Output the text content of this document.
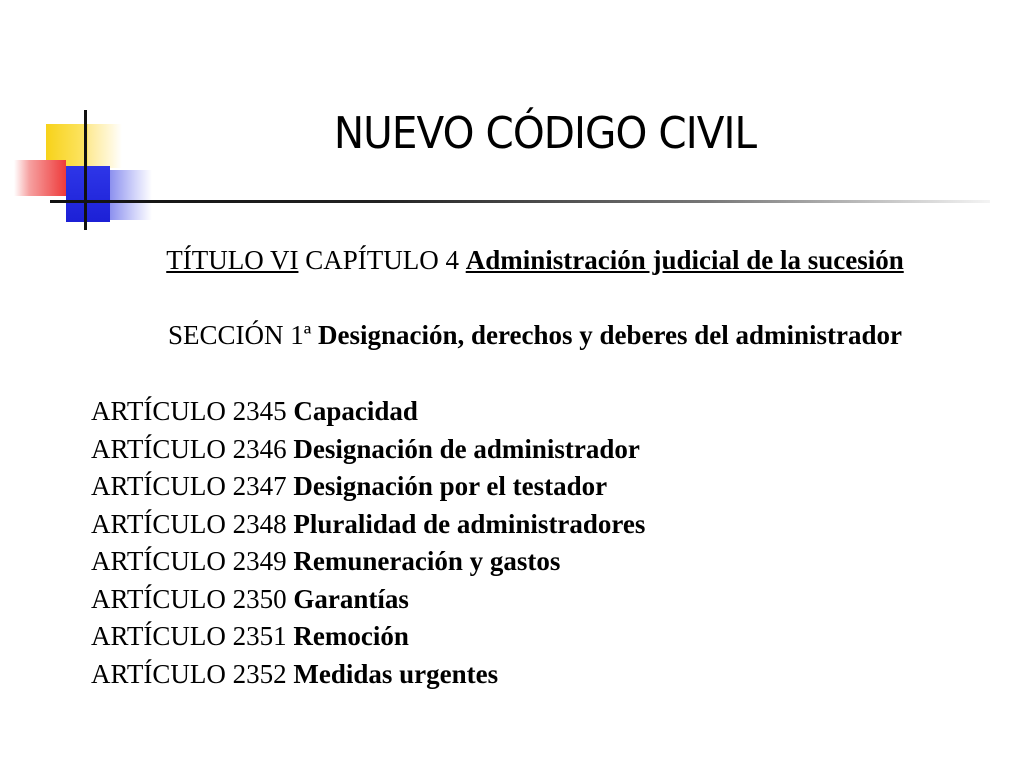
NUEVO CÓDIGO CIVIL
TÍTULO VI CAPÍTULO 4 Administración judicial de la sucesión
SECCIÓN 1ª Designación, derechos y deberes del administrador
ARTÍCULO 2345 Capacidad
ARTÍCULO 2346 Designación de administrador
ARTÍCULO 2347 Designación por el testador
ARTÍCULO 2348 Pluralidad de administradores
ARTÍCULO 2349 Remuneración y gastos
ARTÍCULO 2350 Garantías
ARTÍCULO 2351 Remoción
ARTÍCULO 2352 Medidas urgentes
